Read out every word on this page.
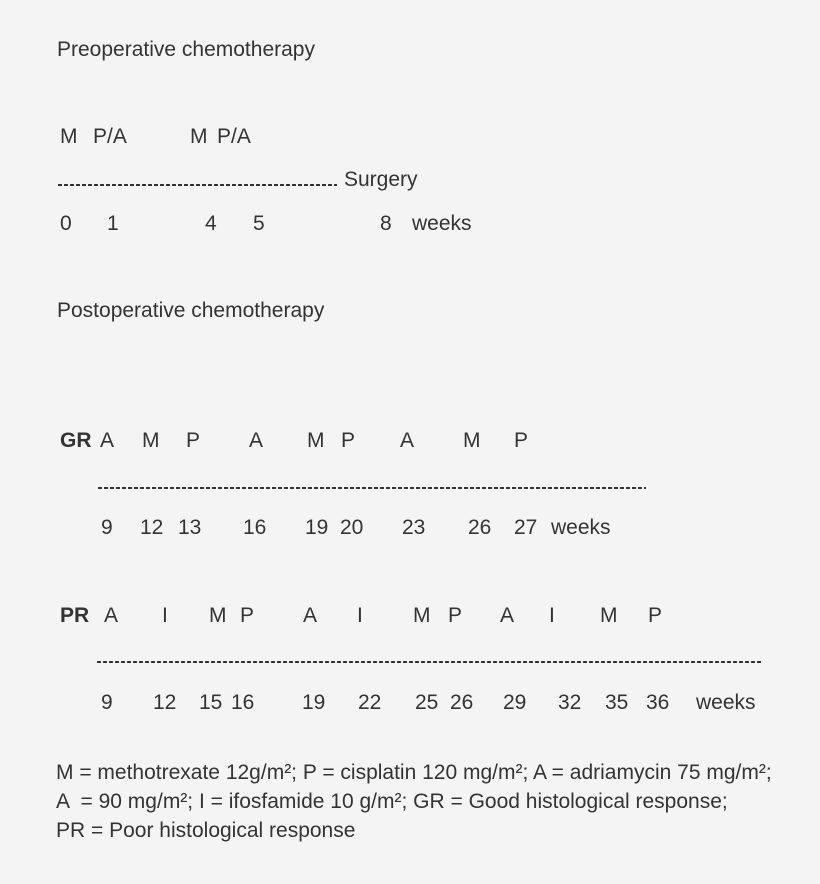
Preoperative chemotherapy
M P/A	M P/A
Surgery
0 1	4 5	8 weeks
Postoperative chemotherapy
GR A M P A M P A M P
9 12 13 16 19 20 23 26 27 weeks
PR A I M P A I M P A I M P
9 12 15 16 19 22 25 26 29 32 35 36 weeks
M = methotrexate 12g/m²; P = cisplatin 120 mg/m²; A = adriamycin 75 mg/m²;
A  = 90 mg/m²; I = ifosfamide 10 g/m²; GR = Good histological response;
PR = Poor histological response
